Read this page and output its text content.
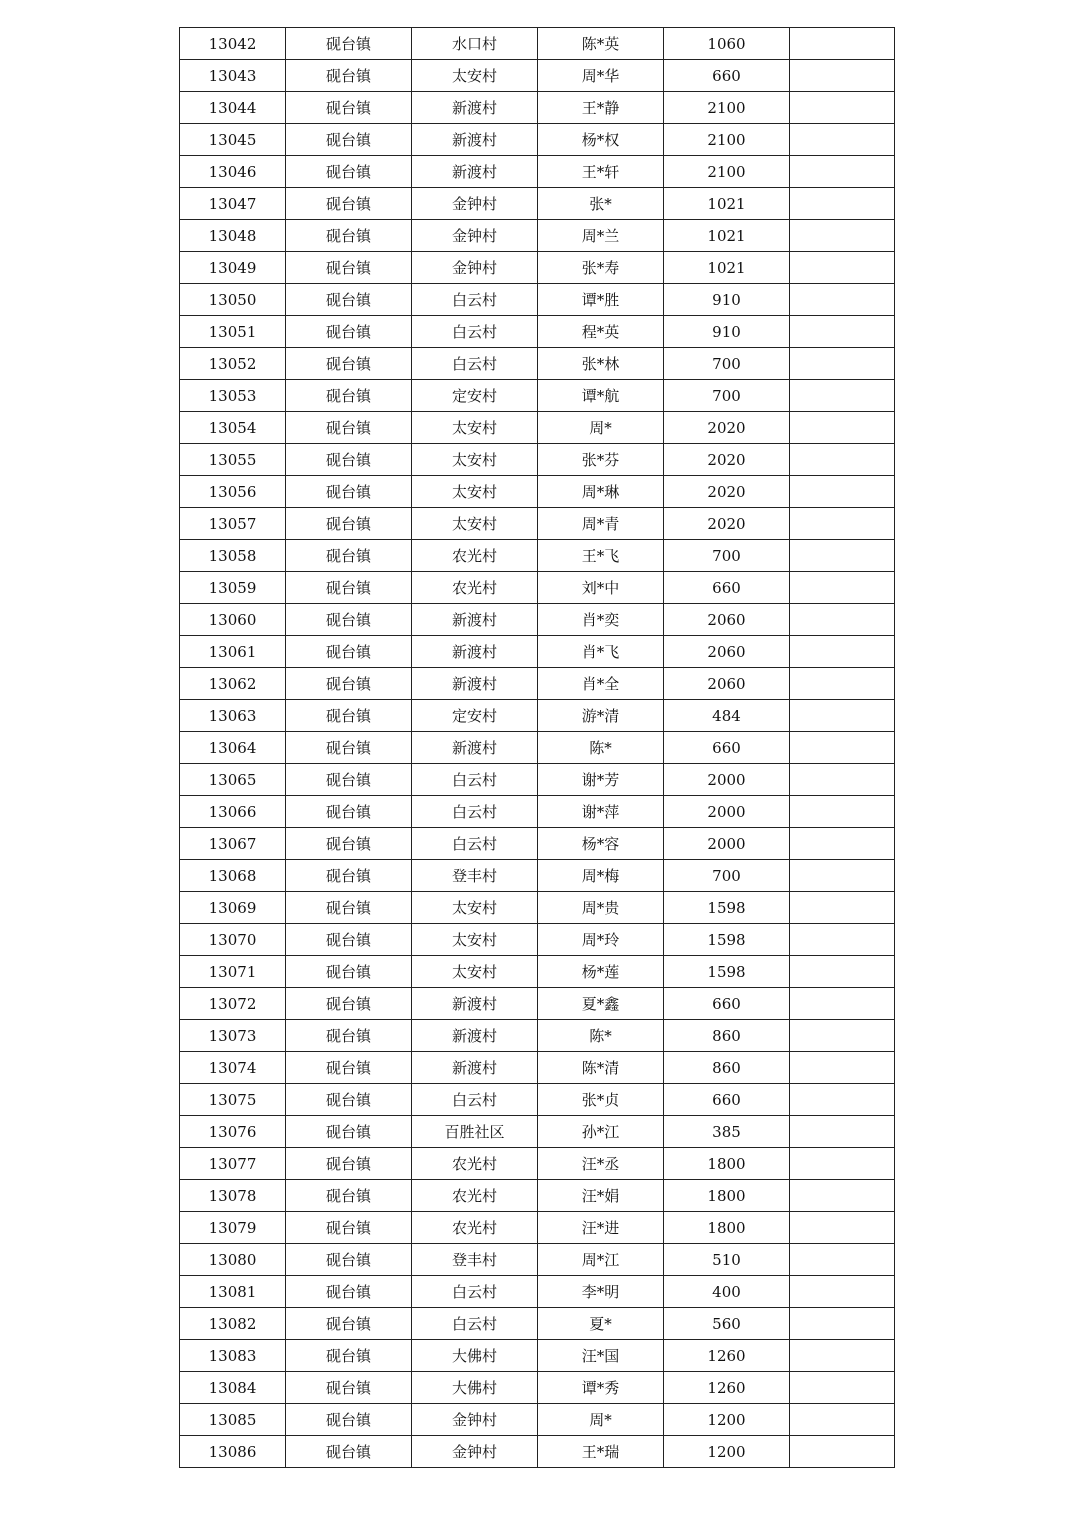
13042	砚台镇	水口村	陈*英	1060	
13043	砚台镇	太安村	周*华	660	
13044	砚台镇	新渡村	王*静	2100	
13045	砚台镇	新渡村	杨*权	2100	
13046	砚台镇	新渡村	王*轩	2100	
13047	砚台镇	金钟村	张*	1021	
13048	砚台镇	金钟村	周*兰	1021	
13049	砚台镇	金钟村	张*寿	1021	
13050	砚台镇	白云村	谭*胜	910	
13051	砚台镇	白云村	程*英	910	
13052	砚台镇	白云村	张*林	700	
13053	砚台镇	定安村	谭*航	700	
13054	砚台镇	太安村	周*	2020	
13055	砚台镇	太安村	张*芬	2020	
13056	砚台镇	太安村	周*琳	2020	
13057	砚台镇	太安村	周*青	2020	
13058	砚台镇	农光村	王*飞	700	
13059	砚台镇	农光村	刘*中	660	
13060	砚台镇	新渡村	肖*奕	2060	
13061	砚台镇	新渡村	肖*飞	2060	
13062	砚台镇	新渡村	肖*全	2060	
13063	砚台镇	定安村	游*清	484	
13064	砚台镇	新渡村	陈*	660	
13065	砚台镇	白云村	谢*芳	2000	
13066	砚台镇	白云村	谢*萍	2000	
13067	砚台镇	白云村	杨*容	2000	
13068	砚台镇	登丰村	周*梅	700	
13069	砚台镇	太安村	周*贵	1598	
13070	砚台镇	太安村	周*玲	1598	
13071	砚台镇	太安村	杨*莲	1598	
13072	砚台镇	新渡村	夏*鑫	660	
13073	砚台镇	新渡村	陈*	860	
13074	砚台镇	新渡村	陈*清	860	
13075	砚台镇	白云村	张*贞	660	
13076	砚台镇	百胜社区	孙*江	385	
13077	砚台镇	农光村	汪*丞	1800	
13078	砚台镇	农光村	汪*娟	1800	
13079	砚台镇	农光村	汪*进	1800	
13080	砚台镇	登丰村	周*江	510	
13081	砚台镇	白云村	李*明	400	
13082	砚台镇	白云村	夏*	560	
13083	砚台镇	大佛村	汪*国	1260	
13084	砚台镇	大佛村	谭*秀	1260	
13085	砚台镇	金钟村	周*	1200	
13086	砚台镇	金钟村	王*瑞	1200	
